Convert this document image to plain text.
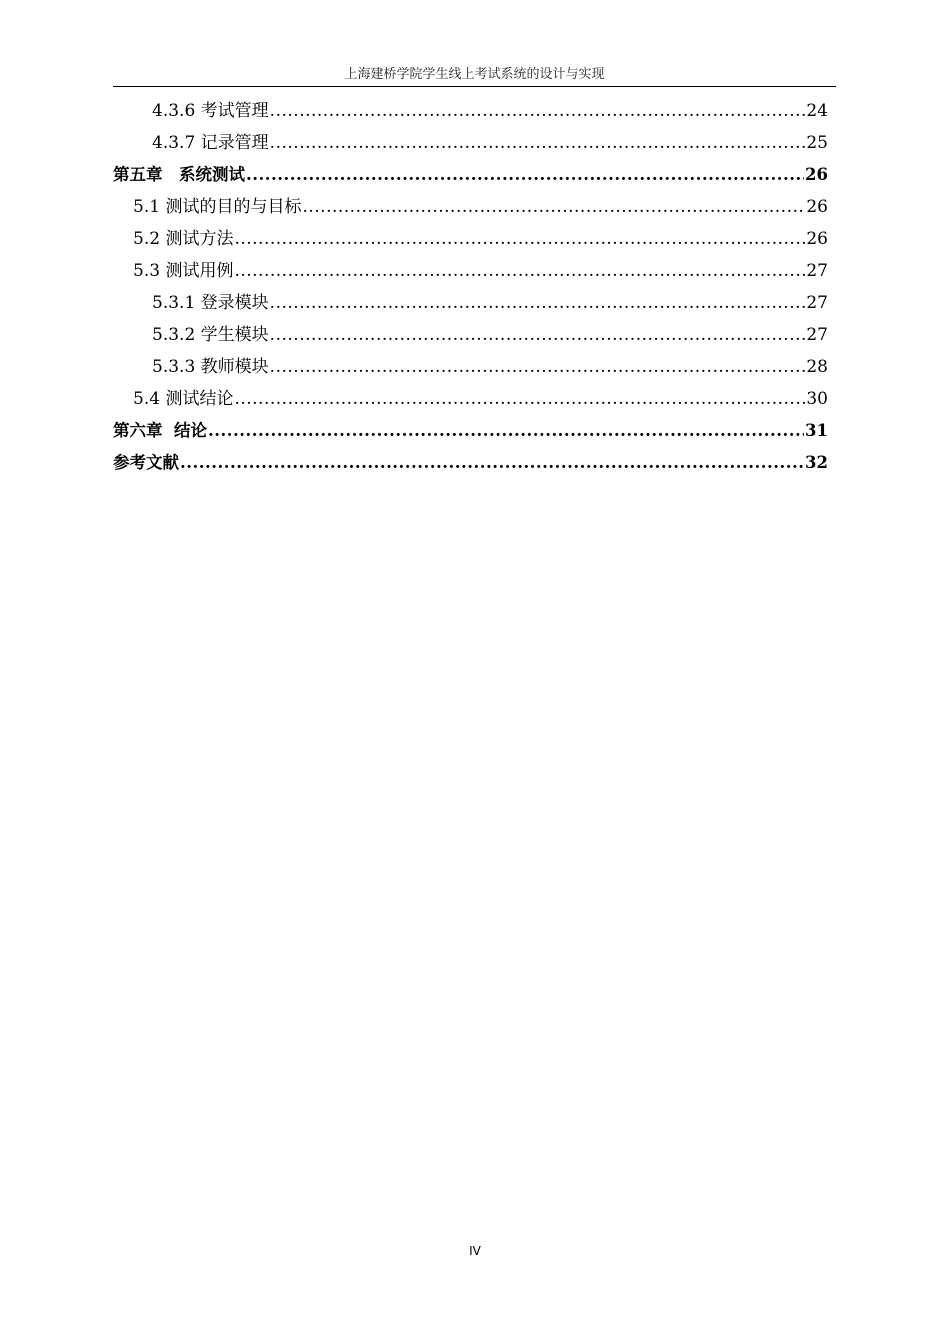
上海建桥学院学生线上考试系统的设计与实现
4.3.6 考试管理 .....	24
4.3.7 记录管理 .....	25
第五章　系统测试 .....	26
5.1 测试的目的与目标 .....	26
5.2 测试方法 .....	26
5.3 测试用例 .....	27
5.3.1 登录模块 .....	27
5.3.2 学生模块 .....	27
5.3.3 教师模块 .....	28
5.4 测试结论 .....	30
第六章  结论 .....	31
参考文献 .....	32
IV
